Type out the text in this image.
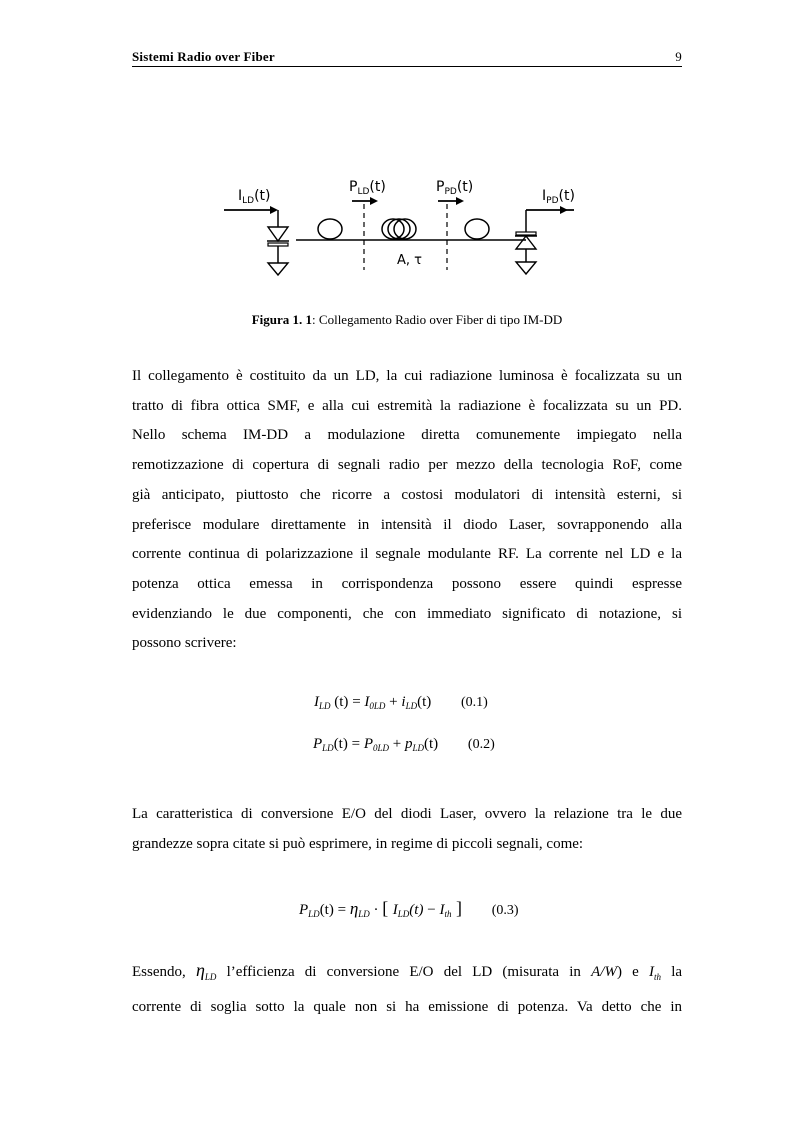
Sistemi Radio over Fiber	9
$I_{LD}(t)$
$P_{LD}(t)$	$P_{PD}(t)$
A, τ
$I_{PD}(t)$
Figura 1. 1: Collegamento Radio over Fiber di tipo IM-DD

Il collegamento è costituito da un LD, la cui radiazione luminosa è focalizzata su un
tratto di fibra ottica SMF, e alla cui estremità la radiazione è focalizzata su un PD.
Nello schema IM-DD a modulazione diretta comunemente impiegato nella
remotizzazione di copertura di segnali radio per mezzo della tecnologia RoF, come
già anticipato, piuttosto che ricorre a costosi modulatori di intensità esterni, si
preferisce modulare direttamente in intensità il diodo Laser, sovrapponendo alla
corrente continua di polarizzazione il segnale modulante RF. La corrente nel LD e la
potenza ottica emessa in corrispondenza possono essere quindi espresse
evidenziando le due componenti, che con immediato significato di notazione, si
possono scrivere:

$I_{LD}$ $(t) = I_{0LD} + i_{LD}(t)$ (0.1)
$P_{LD}(t) = P_{0LD} + p_{LD}(t)$ (0.2)

La caratteristica di conversione E/O del diodi Laser, ovvero la relazione tra le due
grandezze sopra citate si può esprimere, in regime di piccoli segnali, come:

$P_{LD}(t) = \eta_{LD}$ · [ $I_{LD}(t) - I_{th}$ ] (0.3)

Essendo, $\eta_{LD}$ l’efficienza di conversione E/O del LD (misurata in A/W) e $I_{th}$ la
corrente di soglia sotto la quale non si ha emissione di potenza. Va detto che in
